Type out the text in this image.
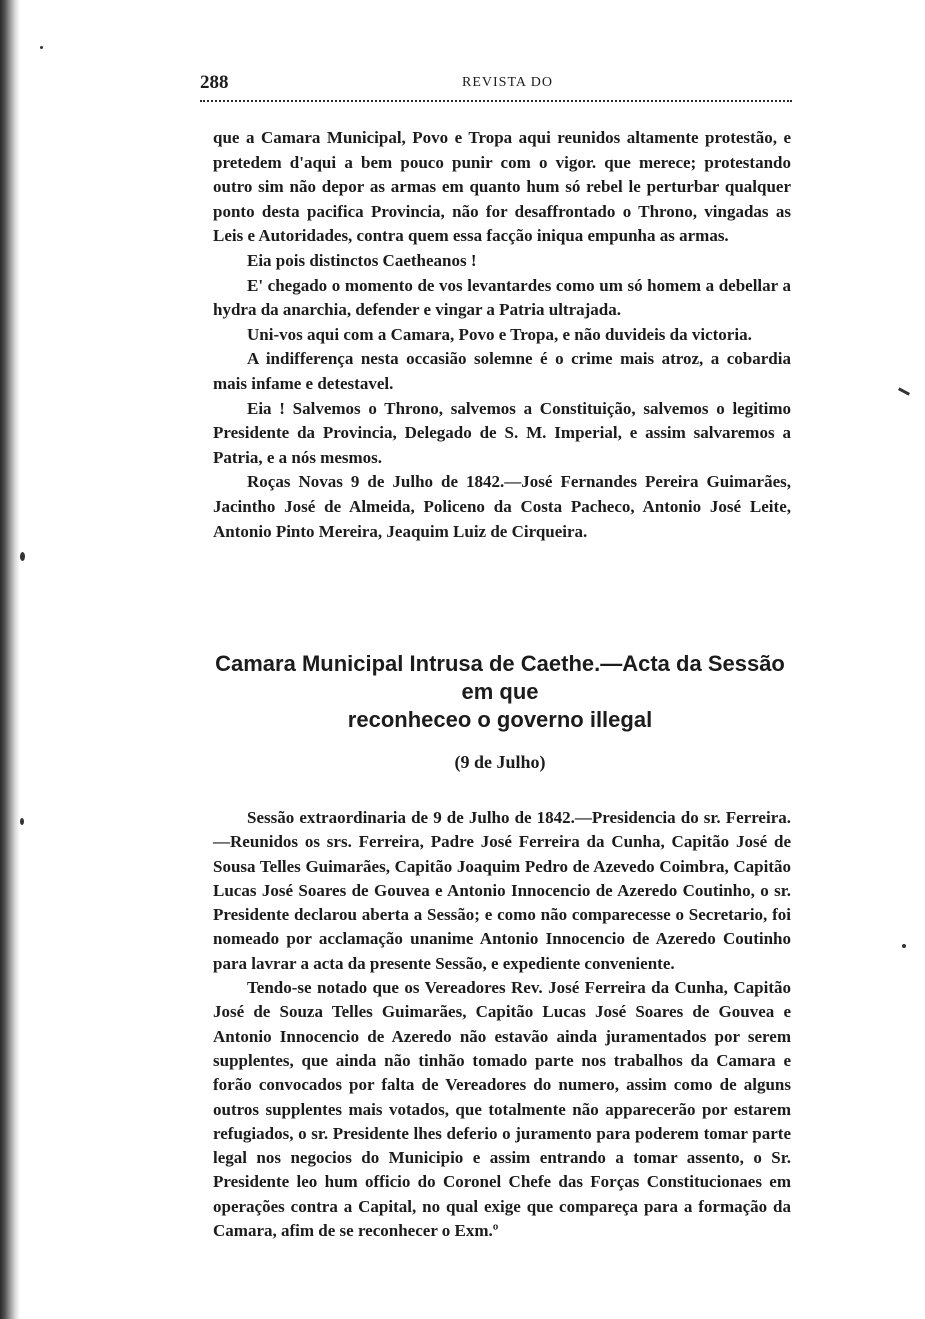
288	REVISTA DO

que a Camara Municipal, Povo e Tropa aqui reunidos altamente protestão, e pretedem d'aqui a bem pouco punir com o vigor. que merece; protestando outro sim não depor as armas em quanto hum só rebel le perturbar qualquer ponto desta pacifica Provincia, não for desaffrontado o Throno, vingadas as Leis e Autoridades, contra quem essa facção iniqua empunha as armas.

Eia pois distinctos Caetheanos !

E' chegado o momento de vos levantardes como um só homem a debellar a hydra da anarchia, defender e vingar a Patria ultrajada.

Uni-vos aqui com a Camara, Povo e Tropa, e não duvideis da victoria.

A indifferença nesta occasião solemne é o crime mais atroz, a cobardia mais infame e detestavel.

Eia ! Salvemos o Throno, salvemos a Constituição, salvemos o legitimo Presidente da Provincia, Delegado de S. M. Imperial, e assim salvaremos a Patria, e a nós mesmos.

Roças Novas 9 de Julho de 1842.—José Fernandes Pereira Guimarães, Jacintho José de Almeida, Policeno da Costa Pacheco, Antonio José Leite, Antonio Pinto Mereira, Jeaquim Luiz de Cirqueira.

Camara Municipal Intrusa de Caethe.—Acta da Sessão em que
reconheceo o governo illegal

(9 de Julho)

Sessão extraordinaria de 9 de Julho de 1842.—Presidencia do sr. Ferreira.—Reunidos os srs. Ferreira, Padre José Ferreira da Cunha, Capitão José de Sousa Telles Guimarães, Capitão Joaquim Pedro de Azevedo Coimbra, Capitão Lucas José Soares de Gouvea e Antonio Innocencio de Azeredo Coutinho, o sr. Presidente declarou aberta a Sessão; e como não comparecesse o Secretario, foi nomeado por acclamação unanime Antonio Innocencio de Azeredo Coutinho para lavrar a acta da presente Sessão, e expediente conveniente.

Tendo-se notado que os Vereadores Rev. José Ferreira da Cunha, Capitão José de Souza Telles Guimarães, Capitão Lucas José Soares de Gouvea e Antonio Innocencio de Azeredo não estavão ainda juramentados por serem supplentes, que ainda não tinhão tomado parte nos trabalhos da Camara e forão convocados por falta de Vereadores do numero, assim como de alguns outros supplentes mais votados, que totalmente não apparecerão por estarem refugiados, o sr. Presidente lhes deferio o juramento para poderem tomar parte legal nos negocios do Municipio e assim entrando a tomar assento, o Sr. Presidente leo hum officio do Coronel Chefe das Forças Constitucionaes em operações contra a Capital, no qual exige que compareça para a formação da Camara, afim de se reconhecer o Exm.º
